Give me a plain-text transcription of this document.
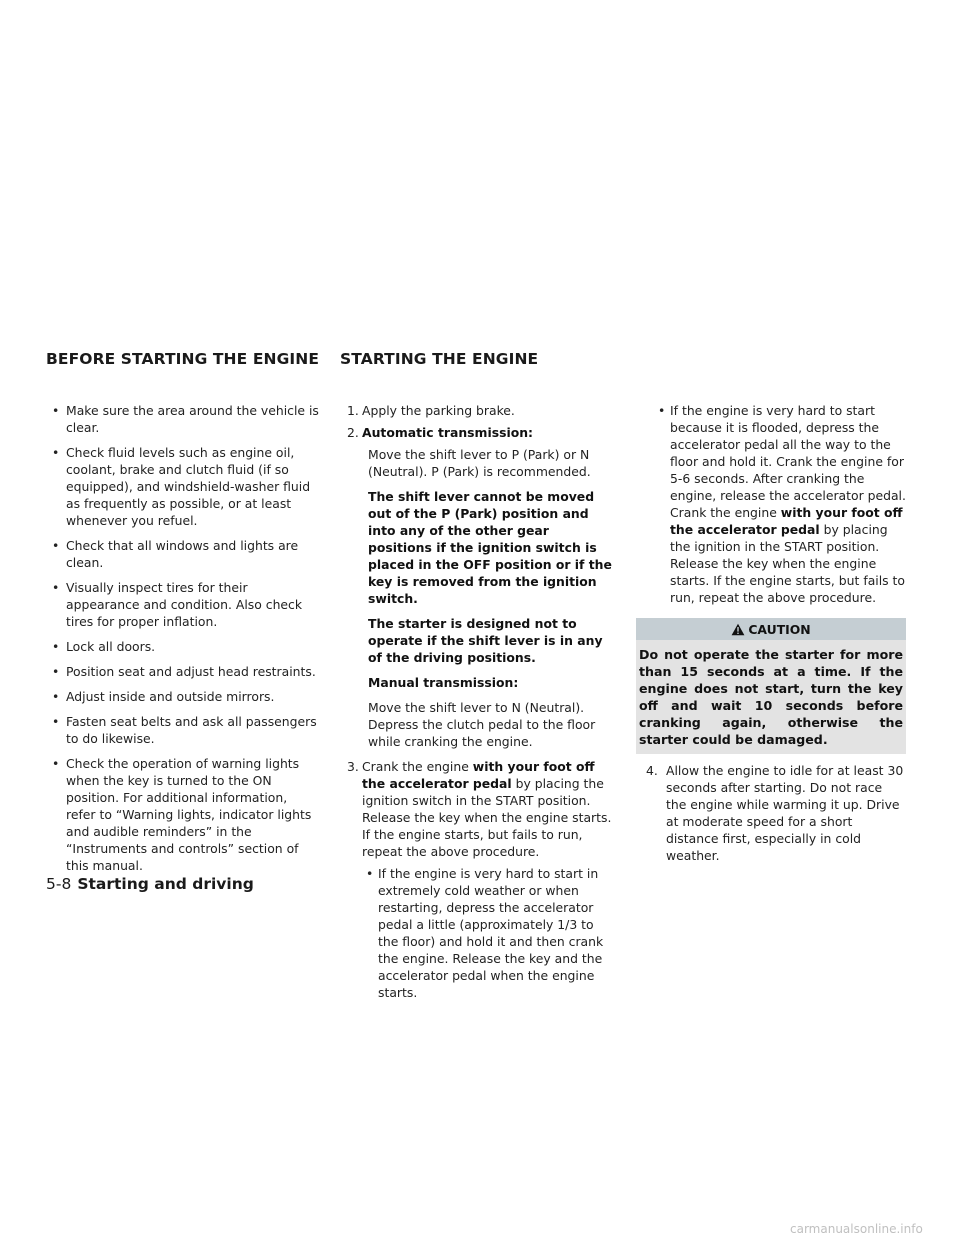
BEFORE STARTING THE ENGINE STARTING THE ENGINE
• Make sure the area around the vehicle is clear.
• Check fluid levels such as engine oil, coolant, brake and clutch fluid (if so equipped), and windshield-washer fluid as frequently as possible, or at least whenever you refuel.
• Check that all windows and lights are clean.
• Visually inspect tires for their appearance and condition. Also check tires for proper inflation.
• Lock all doors.
• Position seat and adjust head restraints.
• Adjust inside and outside mirrors.
• Fasten seat belts and ask all passengers to do likewise.
• Check the operation of warning lights when the key is turned to the ON position. For additional information, refer to “Warning lights, indicator lights and audible reminders” in the “Instruments and controls” section of this manual.
1. Apply the parking brake.
2. Automatic transmission:

Move the shift lever to P (Park) or N (Neutral). P (Park) is recommended.

The shift lever cannot be moved out of the P (Park) position and into any of the other gear positions if the ignition switch is placed in the OFF position or if the key is removed from the ignition switch.

The starter is designed not to operate if the shift lever is in any of the driving positions.

Manual transmission:

Move the shift lever to N (Neutral). Depress the clutch pedal to the floor while cranking the engine.

3. Crank the engine with your foot off the accelerator pedal by placing the ignition switch in the START position. Release the key when the engine starts. If the engine starts, but fails to run, repeat the above procedure.
• If the engine is very hard to start in extremely cold weather or when restarting, depress the accelerator pedal a little (approximately 1/3 to the floor) and hold it and then crank the engine. Release the key and the accelerator pedal when the engine starts.
• If the engine is very hard to start because it is flooded, depress the accelerator pedal all the way to the floor and hold it. Crank the engine for 5-6 seconds. After cranking the engine, release the accelerator pedal. Crank the engine with your foot off the accelerator pedal by placing the ignition in the START position. Release the key when the engine starts. If the engine starts, but fails to run, repeat the above procedure.
CAUTION
Do not operate the starter for more than 15 seconds at a time. If the engine does not start, turn the key off and wait 10 seconds before cranking again, otherwise the starter could be damaged.
4. Allow the engine to idle for at least 30 seconds after starting. Do not race the engine while warming it up. Drive at moderate speed for a short distance first, especially in cold weather.
5-8 Starting and driving
carmanualsonline.info
